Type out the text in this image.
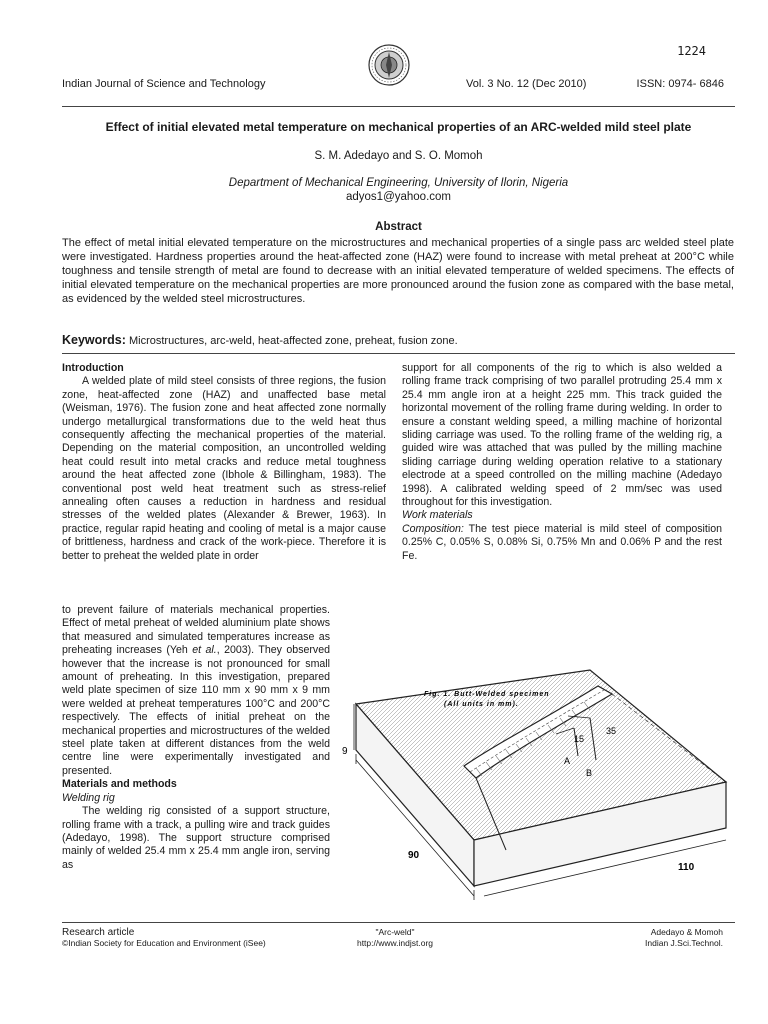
1224
Indian Journal of Science and Technology	Vol. 3 No. 12 (Dec 2010)	ISSN: 0974- 6846
Effect of initial elevated metal temperature on mechanical properties of an ARC-welded mild steel plate
S. M. Adedayo and S. O. Momoh
Department of Mechanical Engineering, University of Ilorin, Nigeria
adyos1@yahoo.com
Abstract
The effect of metal initial elevated temperature on the microstructures and mechanical properties of a single pass arc welded steel plate were investigated. Hardness properties around the heat-affected zone (HAZ) were found to increase with metal preheat at 200°C while toughness and tensile strength of metal are found to decrease with an initial elevated temperature of welded specimens. The effects of initial elevated temperature on the mechanical properties are more pronounced around the fusion zone as compared with the base metal, as evidenced by the welded steel microstructures.
Keywords: Microstructures, arc-weld, heat-affected zone, preheat, fusion zone.

Introduction

A welded plate of mild steel consists of three regions, the fusion zone, heat-affected zone (HAZ) and unaffected base metal (Weisman, 1976). The fusion zone and heat affected zone normally undergo metallurgical transformations due to the weld heat thus consequently affecting the mechanical properties of the material. Depending on the material composition, an uncontrolled welding heat could result into metal cracks and reduce metal toughness around the heat affected zone (Ibhole & Billingham, 1983). The conventional post weld heat treatment such as stress-relief annealing often causes a reduction in hardness and residual stresses of the welded plates (Alexander & Brewer, 1963). In practice, regular rapid heating and cooling of metal is a major cause of brittleness, hardness and crack of the work-piece. Therefore it is better to preheat the welded plate in order

to prevent failure of materials mechanical properties. Effect of metal preheat of welded aluminium plate shows that measured and simulated temperatures increase as preheating increases (Yeh et al., 2003). They observed however that the increase is not pronounced for small amount of preheating. In this investigation, prepared weld plate specimen of size 110 mm x 90 mm x 9 mm were welded at preheat temperatures 100°C and 200°C respectively. The effects of initial preheat on the mechanical properties and microstructures of the welded steel plate taken at different distances from the weld centre line were experimentally investigated and presented.

Materials and methods

Welding rig

The welding rig consisted of a support structure, rolling frame with a track, a pulling wire and track guides (Adedayo, 1998). The support structure comprised mainly of welded 25.4 mm x 25.4 mm angle iron, serving as

support for all components of the rig to which is also welded a rolling frame track comprising of two parallel protruding 25.4 mm x 25.4 mm angle iron at a height 225 mm. This track guided the horizontal movement of the rolling frame during welding. In order to ensure a constant welding speed, a milling machine of horizontal sliding carriage was used. To the rolling frame of the welding rig, a guided wire was attached that was pulled by the milling machine sliding carriage during welding operation relative to a stationary electrode at a speed controlled on the milling machine (Adedayo 1998). A calibrated welding speed of 2 mm/sec was used throughout for this investigation.

Work materials

Composition: The test piece material is mild steel of composition 0.25% C, 0.05% S, 0.08% Si, 0.75% Mn and 0.06% P and the rest Fe.

A
B
15
35
Fig. 1. Butt-Welded specimen
(All units in mm).
9
90
110
Research article
©Indian Society for Education and Environment (iSee)
"Arc-weld"
http://www.indjst.org
Adedayo & Momoh
Indian J.Sci.Technol.
